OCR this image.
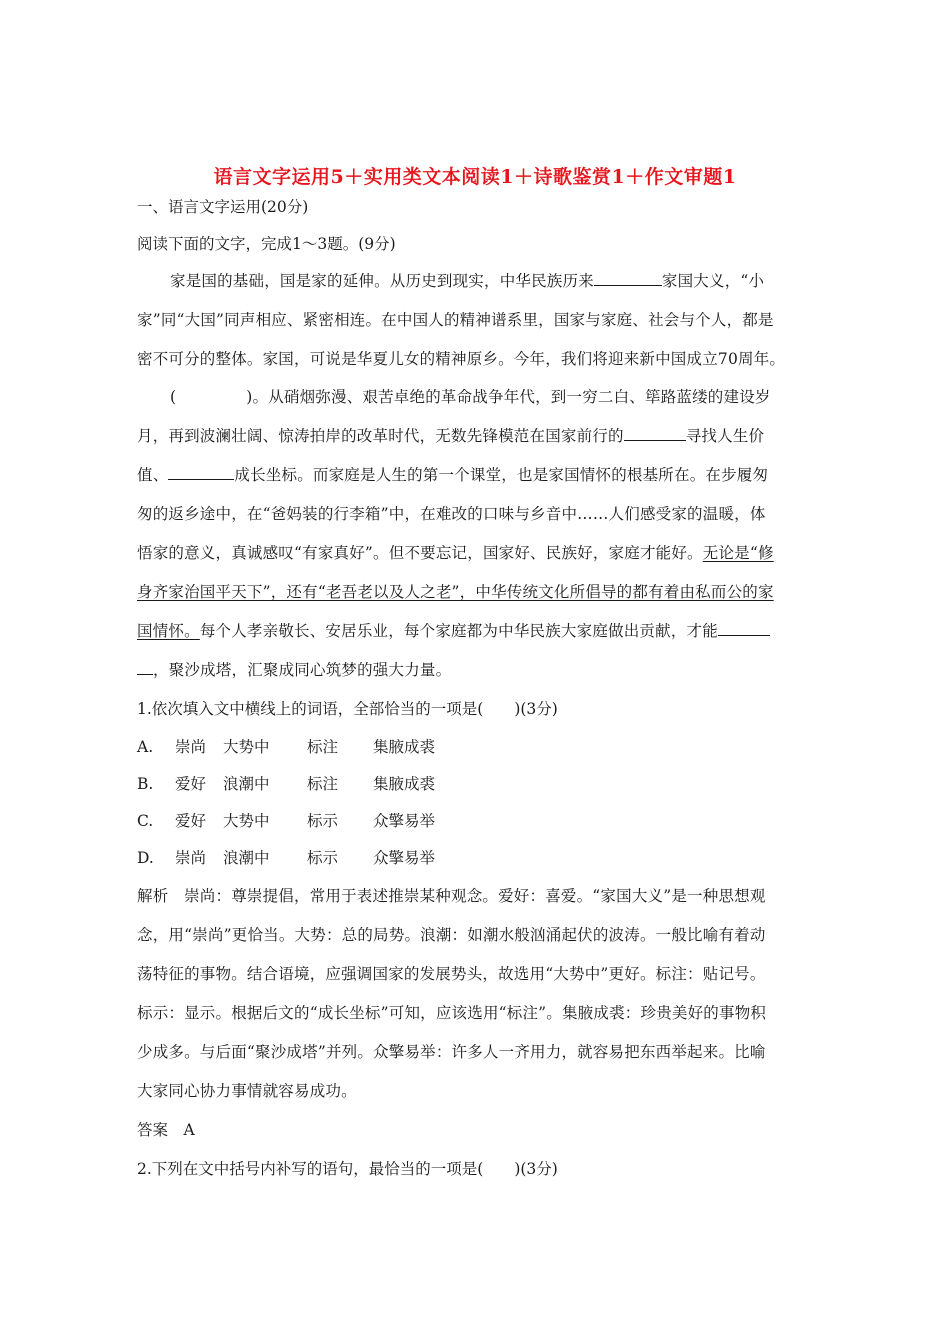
语言文字运用5＋实用类文本阅读1＋诗歌鉴赏1＋作文审题1
一、语言文字运用(20分)
阅读下面的文字，完成1～3题。(9分)
家是国的基础，国是家的延伸。从历史到现实，中华民族历来	家国大义，“小
家”同“大国”同声相应、紧密相连。在中国人的精神谱系里，国家与家庭、社会与个人，都是
密不可分的整体。家国，可说是华夏儿女的精神原乡。今年，我们将迎来新中国成立70周年。
(	)。从硝烟弥漫、艰苦卓绝的革命战争年代，到一穷二白、筚路蓝缕的建设岁
月，再到波澜壮阔、惊涛拍岸的改革时代，无数先锋模范在国家前行的	寻找人生价
值、	成长坐标。而家庭是人生的第一个课堂，也是家国情怀的根基所在。在步履匆
匆的返乡途中，在“爸妈装的行李箱”中，在难改的口味与乡音中……人们感受家的温暖，体
悟家的意义，真诚感叹“有家真好”。但不要忘记，国家好、民族好，家庭才能好。无论是“修
身齐家治国平天下”，还有“老吾老以及人之老”，中华传统文化所倡导的都有着由私而公的家
国情怀。每个人孝亲敬长、安居乐业，每个家庭都为中华民族大家庭做出贡献，才能
，聚沙成塔，汇聚成同心筑梦的强大力量。
1.依次填入文中横线上的词语，全部恰当的一项是(　　)(3分)
A. 崇尚 大势中 标注 集腋成裘
B. 爱好 浪潮中 标注 集腋成裘
C. 爱好 大势中 标示 众擎易举
D. 崇尚 浪潮中 标示 众擎易举
解析　崇尚：尊崇提倡，常用于表述推崇某种观念。爱好：喜爱。“家国大义”是一种思想观
念，用“崇尚”更恰当。大势：总的局势。浪潮：如潮水般汹涌起伏的波涛。一般比喻有着动
荡特征的事物。结合语境，应强调国家的发展势头，故选用“大势中”更好。标注：贴记号。
标示：显示。根据后文的“成长坐标”可知，应该选用“标注”。集腋成裘：珍贵美好的事物积
少成多。与后面“聚沙成塔”并列。众擎易举：许多人一齐用力，就容易把东西举起来。比喻
大家同心协力事情就容易成功。
答案　A
2.下列在文中括号内补写的语句，最恰当的一项是(　　)(3分)
